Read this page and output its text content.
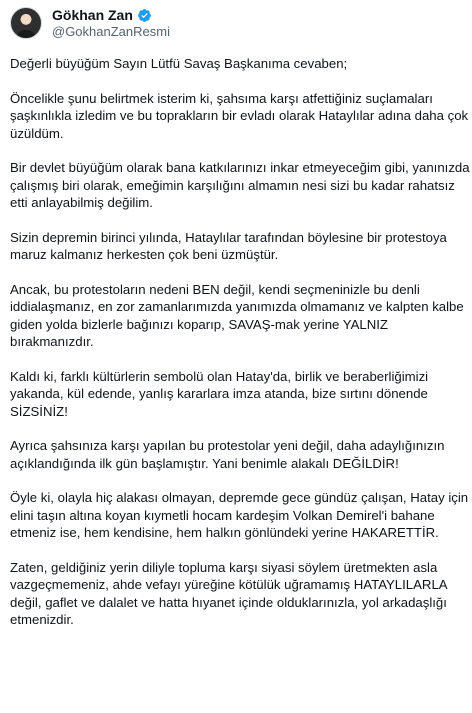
Gökhan Zan
@GokhanZanResmi

Değerli büyüğüm Sayın Lütfü Savaş Başkanıma cevaben;

Öncelikle şunu belirtmek isterim ki, şahsıma karşı atfettiğiniz suçlamaları şaşkınlıkla izledim ve bu toprakların bir evladı olarak Hataylılar adına daha çok üzüldüm.

Bir devlet büyüğüm olarak bana katkılarınızı inkar etmeyeceğim gibi, yanınızda çalışmış biri olarak, emeğimin karşılığını almamın nesi sizi bu kadar rahatsız etti anlayabilmiş değilim.

Sizin depremin birinci yılında, Hataylılar tarafından böylesine bir protestoya maruz kalmanız herkesten çok beni üzmüştür.

Ancak, bu protestoların nedeni BEN değil, kendi seçmeninizle bu denli iddialaşmanız, en zor zamanlarımızda yanımızda olmamanız ve kalpten kalbe giden yolda bizlerle bağınızı koparıp, SAVAŞ-mak yerine YALNIZ bırakmanızdır.

Kaldı ki, farklı kültürlerin sembolü olan Hatay'da, birlik ve beraberliğimizi yakanda, kül edende, yanlış kararlara imza atanda, bize sırtını dönende SİZSİNİZ!

Ayrıca şahsınıza karşı yapılan bu protestolar yeni değil, daha adaylığınızın açıklandığında ilk gün başlamıştır. Yani benimle alakalı DEĞİLDİR!

Öyle ki, olayla hiç alakası olmayan, depremde gece gündüz çalışan, Hatay için elini taşın altına koyan kıymetli hocam kardeşim Volkan Demirel'i bahane etmeniz ise, hem kendisine, hem halkın gönlündeki yerine HAKARETTİR.

Zaten, geldiğiniz yerin diliyle topluma karşı siyasi söylem üretmekten asla vazgeçmemeniz, ahde vefayı yüreğine kötülük uğramamış HATAYLILARLA değil, gaflet ve dalalet ve hatta hıyanet içinde olduklarınızla, yol arkadaşlığı etmenizdir.
